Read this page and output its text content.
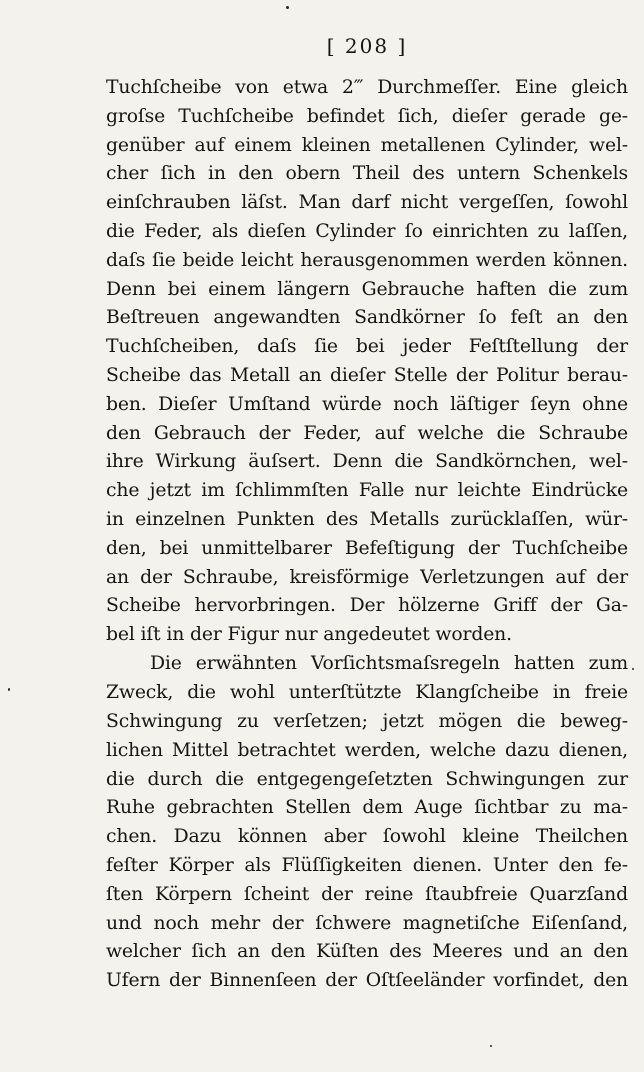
[ 208 ]
Tuchſcheibe von etwa 2‴ Durchmeſſer. Eine gleich
groſse Tuchſcheibe befindet ſich, dieſer gerade ge-
genüber auf einem kleinen metallenen Cylinder, wel-
cher ſich in den obern Theil des untern Schenkels
einſchrauben läſst. Man darf nicht vergeſſen, ſowohl
die Feder, als dieſen Cylinder ſo einrichten zu laſſen,
daſs ſie beide leicht herausgenommen werden können.
Denn bei einem längern Gebrauche haften die zum
Beſtreuen angewandten Sandkörner ſo feſt an den
Tuchſcheiben, daſs ſie bei jeder Feſtſtellung der
Scheibe das Metall an dieſer Stelle der Politur berau-
ben. Dieſer Umſtand würde noch läſtiger ſeyn ohne
den Gebrauch der Feder, auf welche die Schraube
ihre Wirkung äuſsert. Denn die Sandkörnchen, wel-
che jetzt im ſchlimmſten Falle nur leichte Eindrücke
in einzelnen Punkten des Metalls zurücklaſſen, wür-
den, bei unmittelbarer Befeſtigung der Tuchſcheibe
an der Schraube, kreisförmige Verletzungen auf der
Scheibe hervorbringen. Der hölzerne Griff der Ga-
bel iſt in der Figur nur angedeutet worden.
Die erwähnten Vorſichtsmaſsregeln hatten zum
Zweck, die wohl unterſtützte Klangſcheibe in freie
Schwingung zu verſetzen; jetzt mögen die beweg-
lichen Mittel betrachtet werden, welche dazu dienen,
die durch die entgegengeſetzten Schwingungen zur
Ruhe gebrachten Stellen dem Auge ſichtbar zu ma-
chen. Dazu können aber ſowohl kleine Theilchen
feſter Körper als Flüſſigkeiten dienen. Unter den fe-
ſten Körpern ſcheint der reine ſtaubfreie Quarzſand
und noch mehr der ſchwere magnetiſche Eiſenſand,
welcher ſich an den Küſten des Meeres und an den
Ufern der Binnenſeen der Oſtſeeländer vorfindet, den
